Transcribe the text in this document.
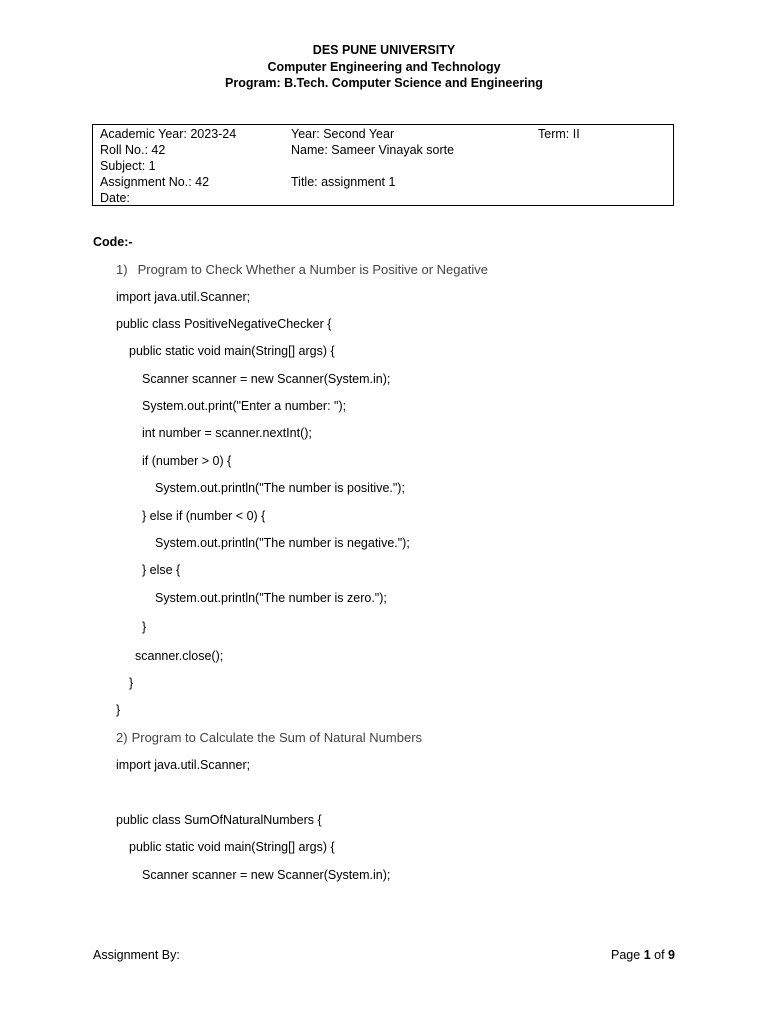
DES PUNE UNIVERSITY
Computer Engineering and Technology
Program: B.Tech. Computer Science and Engineering
Academic Year: 2023-24	Year: Second Year	Term: II
Roll No.: 42	Name: Sameer Vinayak sorte
Subject: 1
Assignment No.: 42	Title: assignment 1
Date:
Code:-
1) Program to Check Whether a Number is Positive or Negative
import java.util.Scanner;
public class PositiveNegativeChecker {
public static void main(String[] args) {
Scanner scanner = new Scanner(System.in);
System.out.print("Enter a number: ");
int number = scanner.nextInt();
if (number > 0) {
System.out.println("The number is positive.");
} else if (number < 0) {
System.out.println("The number is negative.");
} else {
System.out.println("The number is zero.");
}
scanner.close();
}
}
2) Program to Calculate the Sum of Natural Numbers
import java.util.Scanner;
public class SumOfNaturalNumbers {
public static void main(String[] args) {
Scanner scanner = new Scanner(System.in);
Assignment By:	Page 1 of 9
